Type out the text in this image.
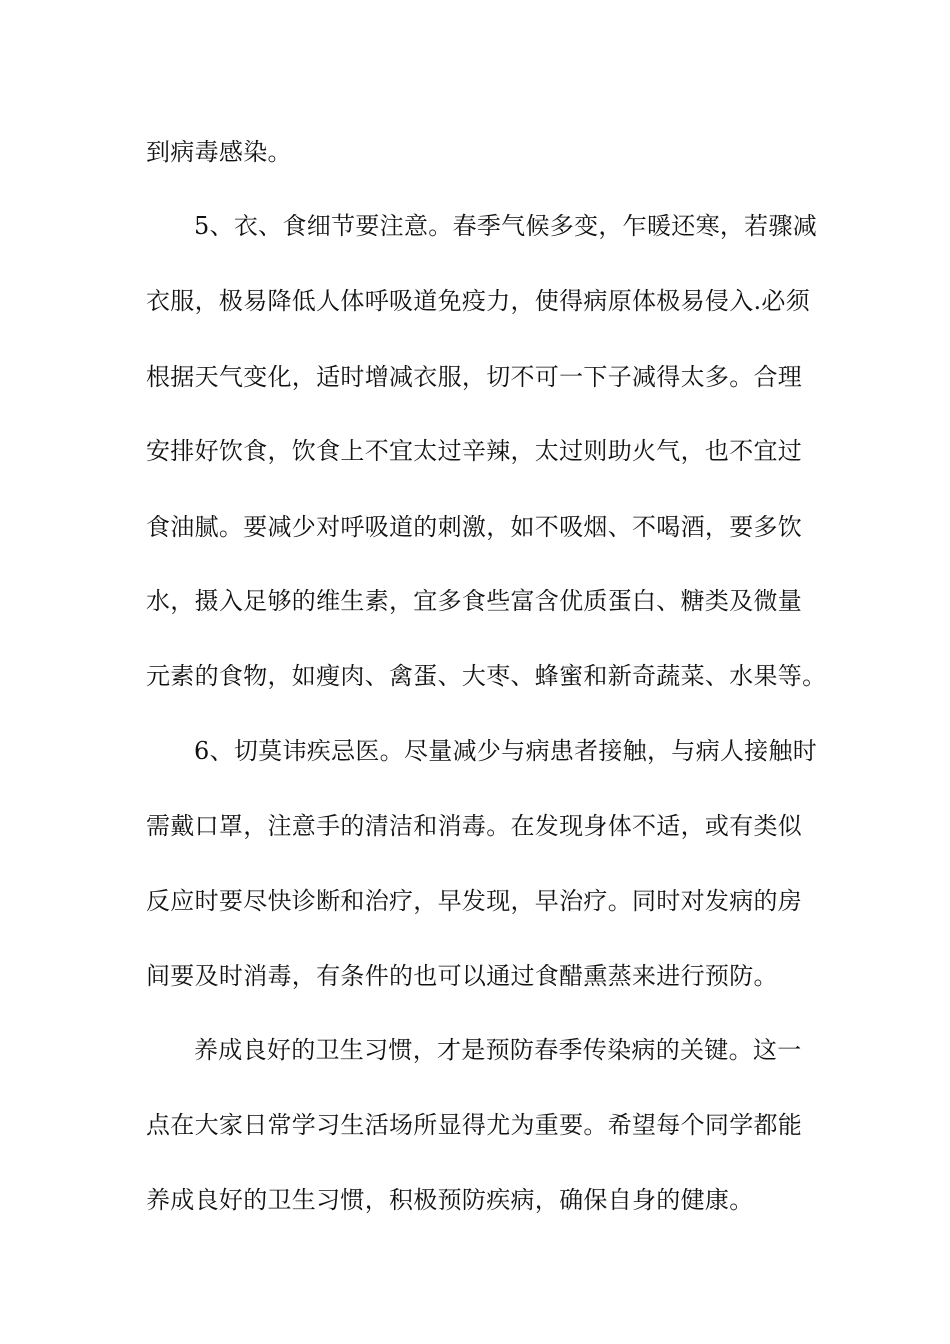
到病毒感染。
5、衣、食细节要注意。春季气候多变，乍暖还寒，若骤减
衣服，极易降低人体呼吸道免疫力，使得病原体极易侵入.必须
根据天气变化，适时增减衣服，切不可一下子减得太多。合理
安排好饮食，饮食上不宜太过辛辣，太过则助火气，也不宜过
食油腻。要减少对呼吸道的刺激，如不吸烟、不喝酒，要多饮
水，摄入足够的维生素，宜多食些富含优质蛋白、糖类及微量
元素的食物，如瘦肉、禽蛋、大枣、蜂蜜和新奇蔬菜、水果等。
6、切莫讳疾忌医。尽量减少与病患者接触，与病人接触时
需戴口罩，注意手的清洁和消毒。在发现身体不适，或有类似
反应时要尽快诊断和治疗，早发现，早治疗。同时对发病的房
间要及时消毒，有条件的也可以通过食醋熏蒸来进行预防。
养成良好的卫生习惯，才是预防春季传染病的关键。这一
点在大家日常学习生活场所显得尤为重要。希望每个同学都能
养成良好的卫生习惯，积极预防疾病，确保自身的健康。
